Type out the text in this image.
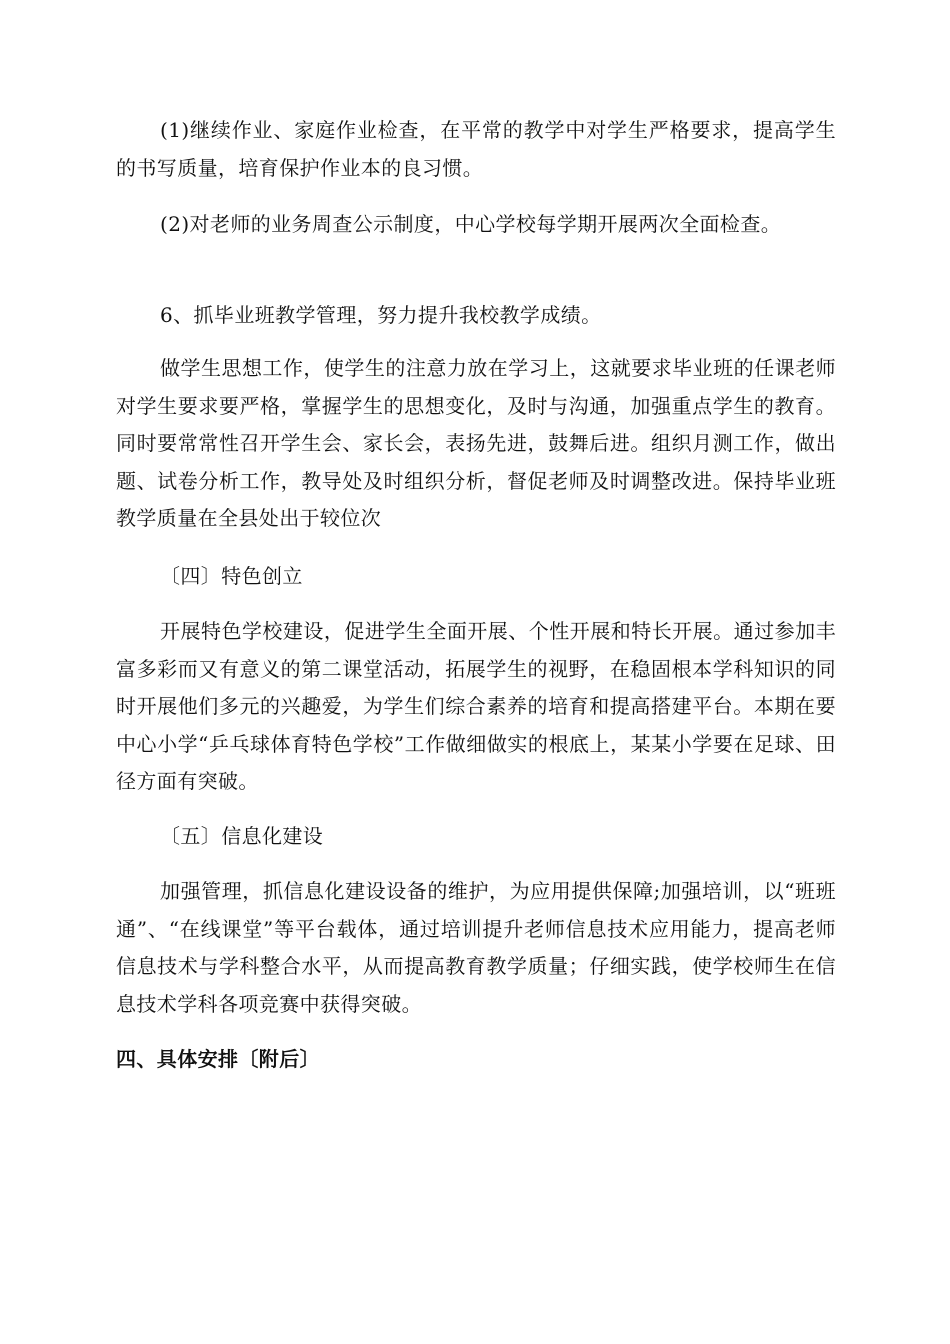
(1)继续作业、家庭作业检查，在平常的教学中对学生严格要求，提高学生的书写质量，培育保护作业本的良习惯。

(2)对老师的业务周查公示制度，中心学校每学期开展两次全面检查。

6、抓毕业班教学管理，努力提升我校教学成绩。

做学生思想工作，使学生的注意力放在学习上，这就要求毕业班的任课老师对学生要求要严格，掌握学生的思想变化，及时与沟通，加强重点学生的教育。同时要常常性召开学生会、家长会，表扬先进，鼓舞后进。组织月测工作，做出题、试卷分析工作，教导处及时组织分析，督促老师及时调整改进。保持毕业班教学质量在全县处出于较位次

〔四〕特色创立

开展特色学校建设，促进学生全面开展、个性开展和特长开展。通过参加丰富多彩而又有意义的第二课堂活动，拓展学生的视野，在稳固根本学科知识的同时开展他们多元的兴趣爱，为学生们综合素养的培育和提高搭建平台。本期在要中心小学“乒乓球体育特色学校”工作做细做实的根底上，某某小学要在足球、田径方面有突破。

〔五〕信息化建设

加强管理，抓信息化建设设备的维护，为应用提供保障;加强培训，以“班班通”、“在线课堂”等平台载体，通过培训提升老师信息技术应用能力，提高老师信息技术与学科整合水平，从而提高教育教学质量；仔细实践，使学校师生在信息技术学科各项竞赛中获得突破。

四、具体安排〔附后〕
